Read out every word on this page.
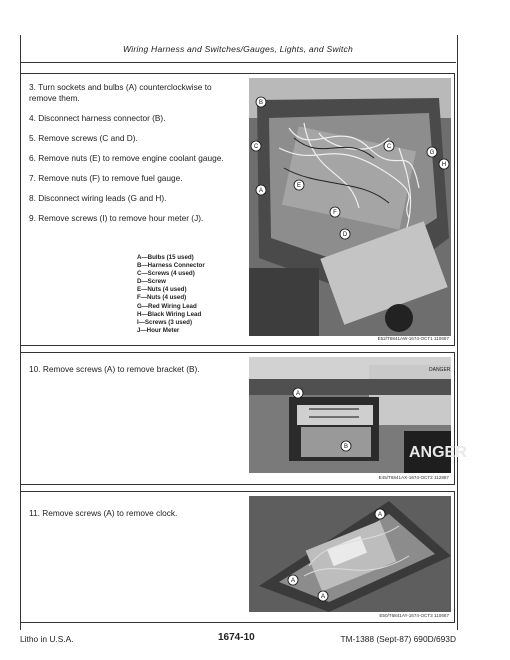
Wiring Harness and Switches/Gauges, Lights, and Switch
3. Turn sockets and bulbs (A) counterclockwise to remove them.
4. Disconnect harness connector (B).
5. Remove screws (C and D).
6. Remove nuts (E) to remove engine coolant gauge.
7. Remove nuts (F) to remove fuel gauge.
8. Disconnect wiring leads (G and H).
9. Remove screws (I) to remove hour meter (J).
A—Bulbs (15 used)
B—Harness Connector
C—Screws (4 used)
D—Screw
E—Nuts (4 used)
F—Nuts (4 used)
G—Red Wiring Lead
H—Black Wiring Lead
I—Screws (3 used)
J—Hour Meter
B
C	C
A
G
H
E
F
D
E52/T6841AW-1674-OCT1 110687
10. Remove screws (A) to remove bracket (B).
A
B
DANGER
ANGER
E45/T6841AX-1674-OCT2 112887
11. Remove screws (A) to remove clock.	A
A
A
E50/T6841AY-1674-OCT3 110687
Litho in U.S.A.	1674-10	TM-1388 (Sept-87) 690D/693D
